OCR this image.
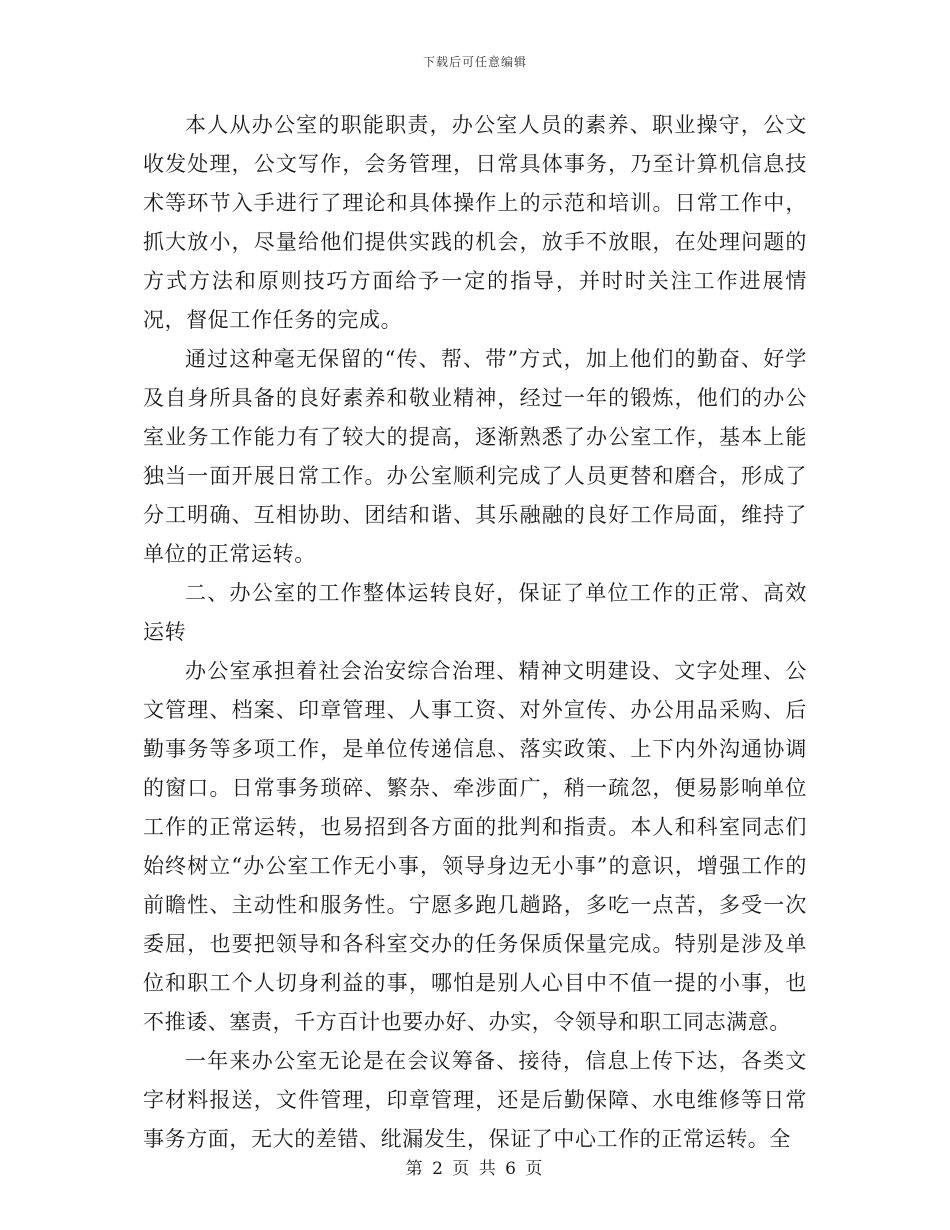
下载后可任意编辑

本人从办公室的职能职责，办公室人员的素养、职业操守，公文收发处理，公文写作，会务管理，日常具体事务，乃至计算机信息技术等环节入手进行了理论和具体操作上的示范和培训。日常工作中，抓大放小，尽量给他们提供实践的机会，放手不放眼，在处理问题的方式方法和原则技巧方面给予一定的指导，并时时关注工作进展情况，督促工作任务的完成。

通过这种毫无保留的“传、帮、带”方式，加上他们的勤奋、好学及自身所具备的良好素养和敬业精神，经过一年的锻炼，他们的办公室业务工作能力有了较大的提高，逐渐熟悉了办公室工作，基本上能独当一面开展日常工作。办公室顺利完成了人员更替和磨合，形成了分工明确、互相协助、团结和谐、其乐融融的良好工作局面，维持了单位的正常运转。

二、办公室的工作整体运转良好，保证了单位工作的正常、高效运转

办公室承担着社会治安综合治理、精神文明建设、文字处理、公文管理、档案、印章管理、人事工资、对外宣传、办公用品采购、后勤事务等多项工作，是单位传递信息、落实政策、上下内外沟通协调的窗口。日常事务琐碎、繁杂、牵涉面广，稍一疏忽，便易影响单位工作的正常运转，也易招到各方面的批判和指责。本人和科室同志们始终树立“办公室工作无小事，领导身边无小事”的意识，增强工作的前瞻性、主动性和服务性。宁愿多跑几趟路，多吃一点苦，多受一次委屈，也要把领导和各科室交办的任务保质保量完成。特别是涉及单位和职工个人切身利益的事，哪怕是别人心目中不值一提的小事，也不推诿、塞责，千方百计也要办好、办实，令领导和职工同志满意。

一年来办公室无论是在会议筹备、接待，信息上传下达，各类文字材料报送，文件管理，印章管理，还是后勤保障、水电维修等日常事务方面，无大的差错、纰漏发生，保证了中心工作的正常运转。全

第 2 页 共 6 页
